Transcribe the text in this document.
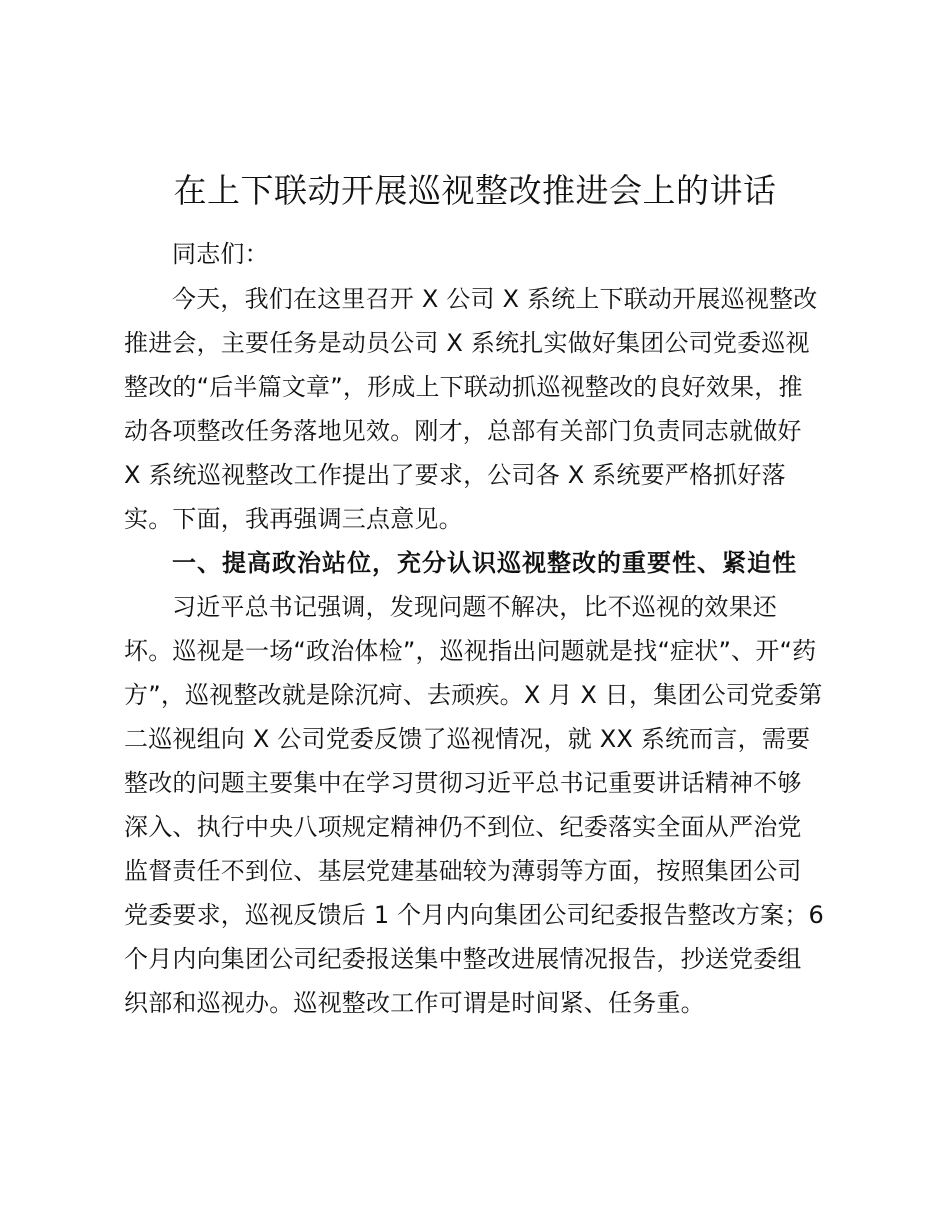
在上下联动开展巡视整改推进会上的讲话

同志们：

今天，我们在这里召开 X 公司 X 系统上下联动开展巡视整改

推进会，主要任务是动员公司 X 系统扎实做好集团公司党委巡视

整改的“后半篇文章”，形成上下联动抓巡视整改的良好效果，推

动各项整改任务落地见效。刚才，总部有关部门负责同志就做好

X 系统巡视整改工作提出了要求，公司各 X 系统要严格抓好落

实。下面，我再强调三点意见。

一、提高政治站位，充分认识巡视整改的重要性、紧迫性

习近平总书记强调，发现问题不解决，比不巡视的效果还

坏。巡视是一场“政治体检”，巡视指出问题就是找“症状”、开“药

方”，巡视整改就是除沉疴、去顽疾。X 月 X 日，集团公司党委第

二巡视组向 X 公司党委反馈了巡视情况，就 XX 系统而言，需要

整改的问题主要集中在学习贯彻习近平总书记重要讲话精神不够

深入、执行中央八项规定精神仍不到位、纪委落实全面从严治党

监督责任不到位、基层党建基础较为薄弱等方面，按照集团公司

党委要求，巡视反馈后 1 个月内向集团公司纪委报告整改方案；6

个月内向集团公司纪委报送集中整改进展情况报告，抄送党委组

织部和巡视办。巡视整改工作可谓是时间紧、任务重。
